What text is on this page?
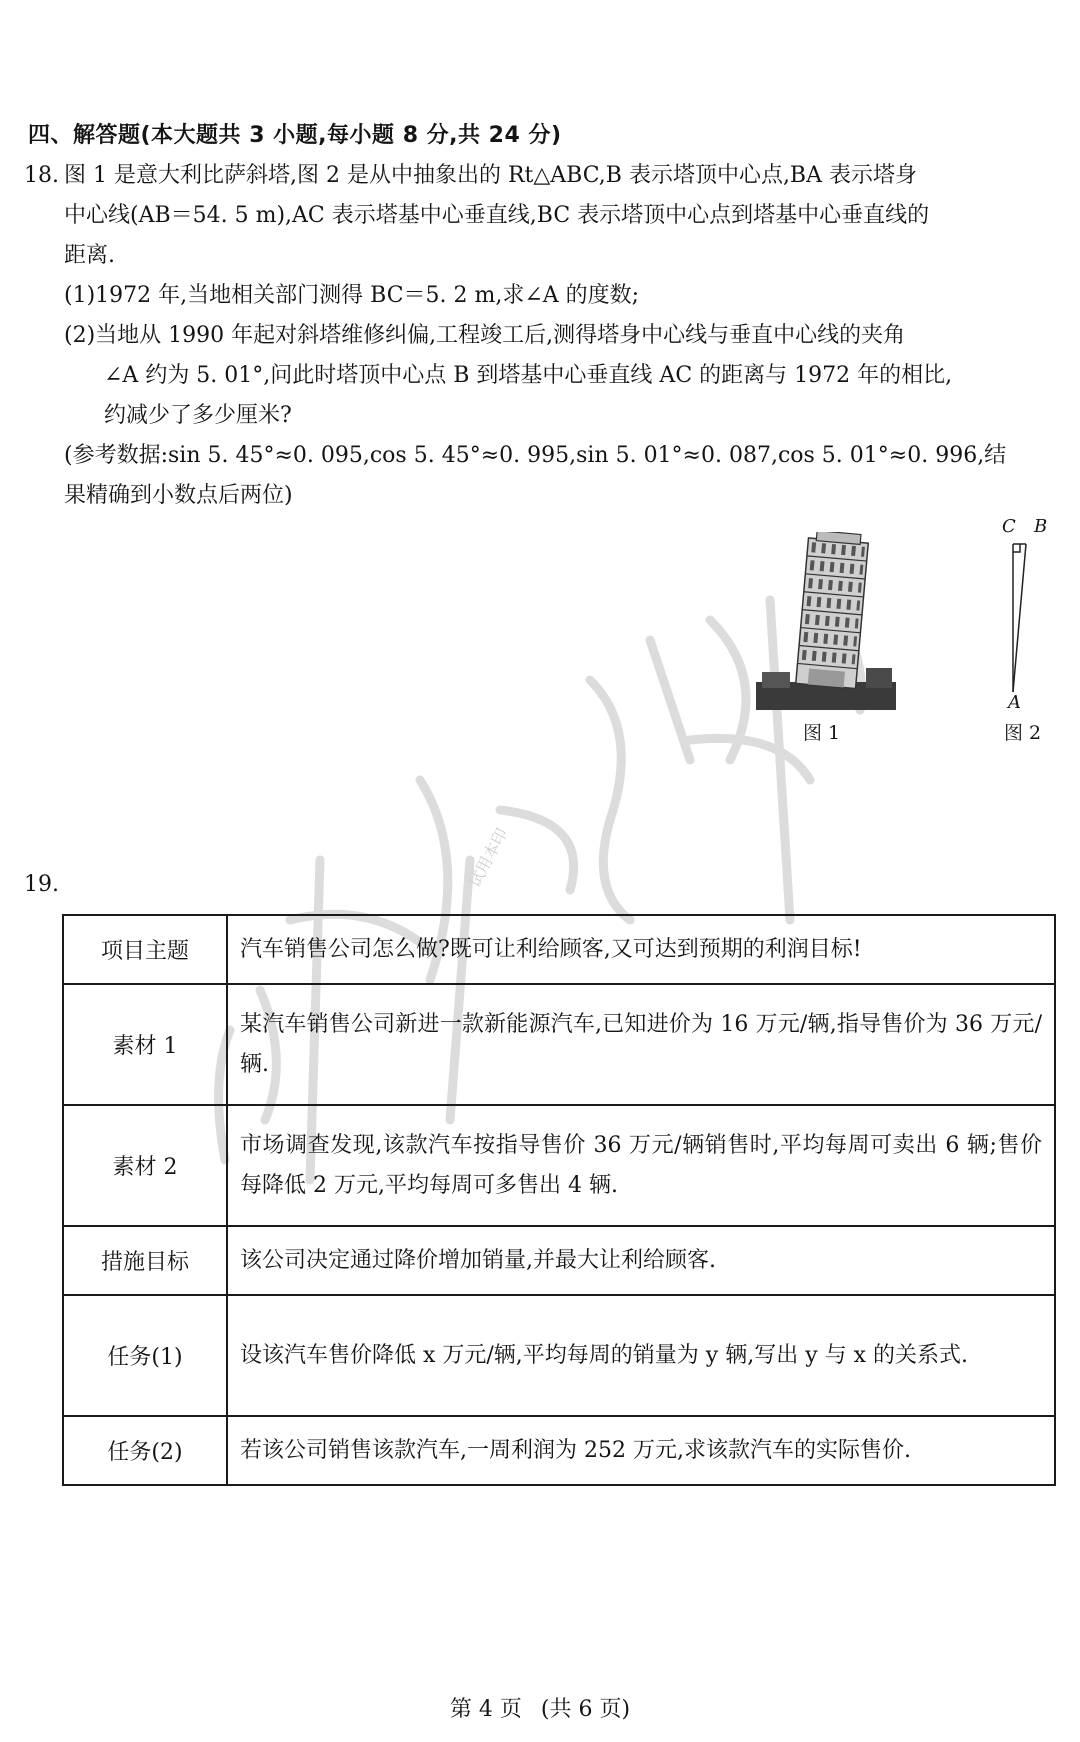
试用本印
四、解答题(本大题共 3 小题,每小题 8 分,共 24 分)
18. 图 1 是意大利比萨斜塔,图 2 是从中抽象出的 Rt△ABC,B 表示塔顶中心点,BA 表示塔身
中心线(AB＝54. 5 m),AC 表示塔基中心垂直线,BC 表示塔顶中心点到塔基中心垂直线的
距离.
(1)1972 年,当地相关部门测得 BC＝5. 2 m,求∠A 的度数;
(2)当地从 1990 年起对斜塔维修纠偏,工程竣工后,测得塔身中心线与垂直中心线的夹角
∠A 约为 5. 01°,问此时塔顶中心点 B 到塔基中心垂直线 AC 的距离与 1972 年的相比,
约减少了多少厘米?
(参考数据:sin 5. 45°≈0. 095,cos 5. 45°≈0. 995,sin 5. 01°≈0. 087,cos 5. 01°≈0. 996,结
果精确到小数点后两位)
图 1
C B
A
图 2
19.
项目主题	汽车销售公司怎么做?既可让利给顾客,又可达到预期的利润目标!
素材 1	某汽车销售公司新进一款新能源汽车,已知进价为 16 万元/辆,指导售价为 36 万元/辆.
素材 2	市场调查发现,该款汽车按指导售价 36 万元/辆销售时,平均每周可卖出 6 辆;售价每降低 2 万元,平均每周可多售出 4 辆.
措施目标	该公司决定通过降价增加销量,并最大让利给顾客.
任务(1)	设该汽车售价降低 x 万元/辆,平均每周的销量为 y 辆,写出 y 与 x 的关系式.
任务(2)	若该公司销售该款汽车,一周利润为 252 万元,求该款汽车的实际售价.
第 4 页 (共 6 页)
